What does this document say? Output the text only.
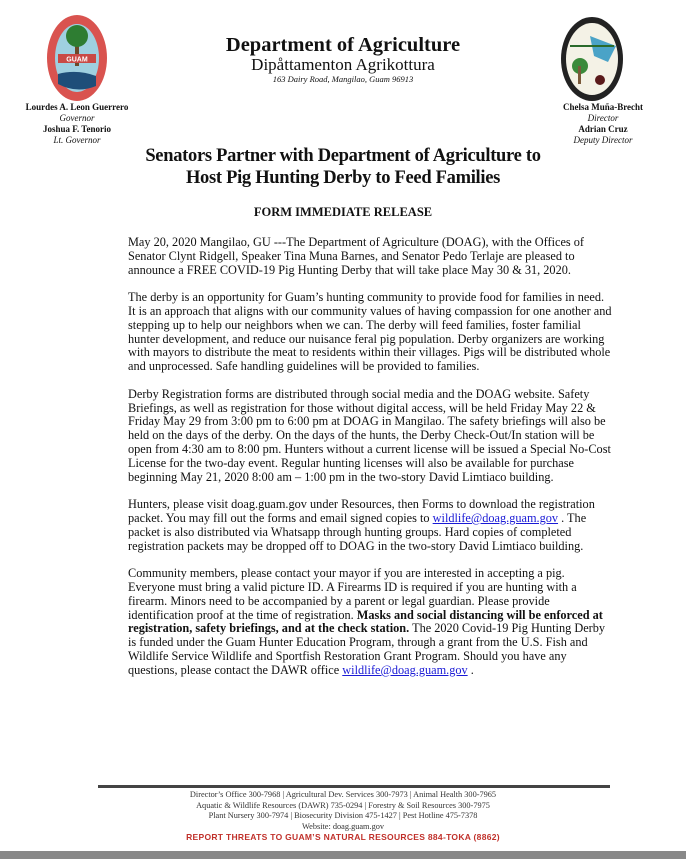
GUAM
Department of Agriculture
Dipåttamenton Agrikottura
163 Dairy Road, Mangilao, Guam 96913
Lourdes A. Leon Guerrero
Governor
Joshua F. Tenorio
Lt. Governor
Chelsa Muña-Brecht
Director
Adrian Cruz
Deputy Director
Senators Partner with Department of Agriculture to
Host Pig Hunting Derby to Feed Families
FORM IMMEDIATE RELEASE

May 20, 2020 Mangilao, GU ---The Department of Agriculture (DOAG), with the Offices of Senator Clynt Ridgell, Speaker Tina Muna Barnes, and Senator Pedo Terlaje are pleased to announce a FREE COVID-19 Pig Hunting Derby that will take place May 30 & 31, 2020.

The derby is an opportunity for Guam’s hunting community to provide food for families in need. It is an approach that aligns with our community values of having compassion for one another and stepping up to help our neighbors when we can. The derby will feed families, foster familial hunter development, and reduce our nuisance feral pig population. Derby organizers are working with mayors to distribute the meat to residents within their villages. Pigs will be distributed whole and unprocessed. Safe handling guidelines will be provided to families.

Derby Registration forms are distributed through social media and the DOAG website. Safety Briefings, as well as registration for those without digital access, will be held Friday May 22 & Friday May 29 from 3:00 pm to 6:00 pm at DOAG in Mangilao. The safety briefings will also be held on the days of the derby. On the days of the hunts, the Derby Check-Out/In station will be open from 4:30 am to 8:00 pm. Hunters without a current license will be issued a Special No-Cost License for the two-day event. Regular hunting licenses will also be available for purchase beginning May 21, 2020 8:00 am – 1:00 pm in the two-story David Limtiaco building.

Hunters, please visit doag.guam.gov under Resources, then Forms to download the registration packet. You may fill out the forms and email signed copies to wildlife@doag.guam.gov . The packet is also distributed via Whatsapp through hunting groups. Hard copies of completed registration packets may be dropped off to DOAG in the two-story David Limtiaco building.

Community members, please contact your mayor if you are interested in accepting a pig. Everyone must bring a valid picture ID. A Firearms ID is required if you are hunting with a firearm. Minors need to be accompanied by a parent or legal guardian. Please provide identification proof at the time of registration. Masks and social distancing will be enforced at registration, safety briefings, and at the check station. The 2020 Covid-19 Pig Hunting Derby is funded under the Guam Hunter Education Program, through a grant from the U.S. Fish and Wildlife Service Wildlife and Sportfish Restoration Grant Program. Should you have any questions, please contact the DAWR office wildlife@doag.guam.gov .

Director’s Office 300-7968 | Agricultural Dev. Services 300-7973 | Animal Health 300-7965
Aquatic & Wildlife Resources (DAWR) 735-0294 | Forestry & Soil Resources 300-7975
Plant Nursery 300-7974 | Biosecurity Division 475-1427 | Pest Hotline 475-7378
Website: doag.guam.gov
REPORT THREATS TO GUAM’S NATURAL RESOURCES 884-TOKA (8862)
